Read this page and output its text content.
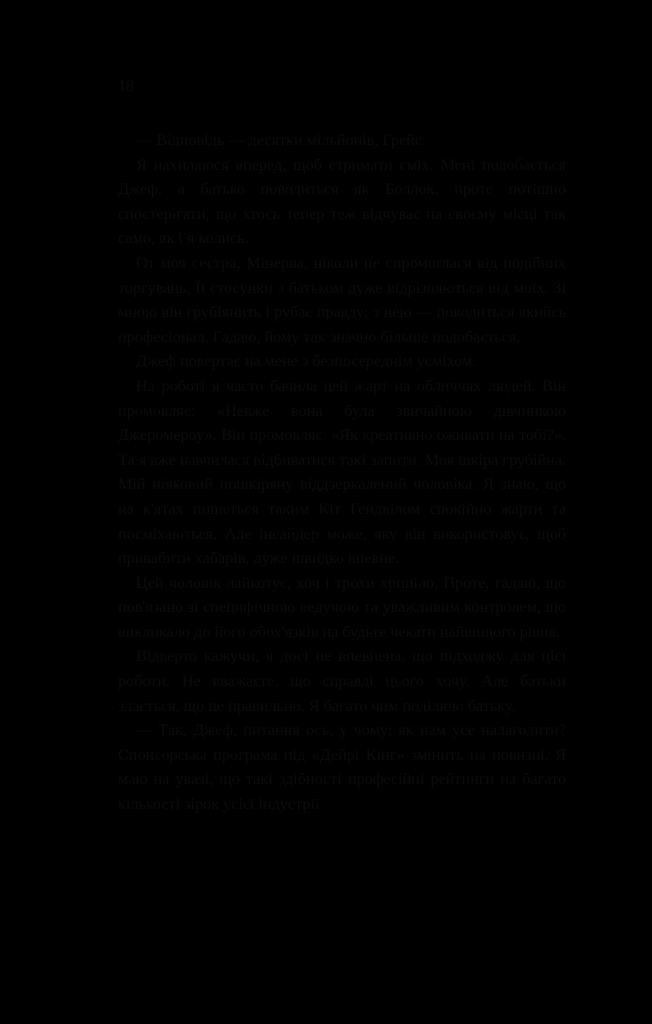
18

— Відповідь — десятки мільйонів, Грейс.

Я нахиляюся вперед, щоб стримати сміх. Мені подобається Джеф, а батько поводиться як Боллок, проте потішно спостерігати, що хтось тепер теж відчуває на своєму місці так само, як і я колись.

От моя сестра, Мінерва, ніколи не спромоглася від подібних торгувань. Її стосунки з батьком дуже відрізняються від моїх. Зі мною він грубіянить і рубає правду; з нею — поводиться якийсь професіонал. Гадаю, йому так значно більше подобається.

Джеф повертає на мене з безпосереднім усміхом.

На роботі я часто бачила цей жарт на обличчях людей. Він промовляє: «Невже вона була звичайною дівчинкою Джеромероу». Він промовляє: «Як креативно оживати на тобі?». Та я вже навчилася відбиватися такі запити. Моя шкіра грубійна. Мій ніяковий пошкіряну віддзеркалений чоловіка. Я знаю, що на к'ятах пишеться таким Кіт Гендвілом спокійно жарти та посміхаються. Але інсайдер може, яку він використовує, щоб привабити хабарів, дуже швидко впевне.

Цей чоловік лайкотує, хоч і трохи хрипіло. Проте, гадаю, що пов'язано зі специфічною ведучою та уважливим контролем, що викликало до його обох'язків на будьте чекати найвищого рівня.

Відверто кажучи, я досі не впевнена, що підходжу для цієї роботи. Не вважаєте, що справді цього хочу. Але батьки здається, що це правильно. Я багато чим поділюю батьку.

— Так, Джеф, питання ось, у чому: як нам усе налагодити? Спонсорська програма під «Дейрі Кінг» змінить на новизні. Я маю на увазі, що такі здібності професійні рейтинги на багато кількості зірок усієї індустрії.
